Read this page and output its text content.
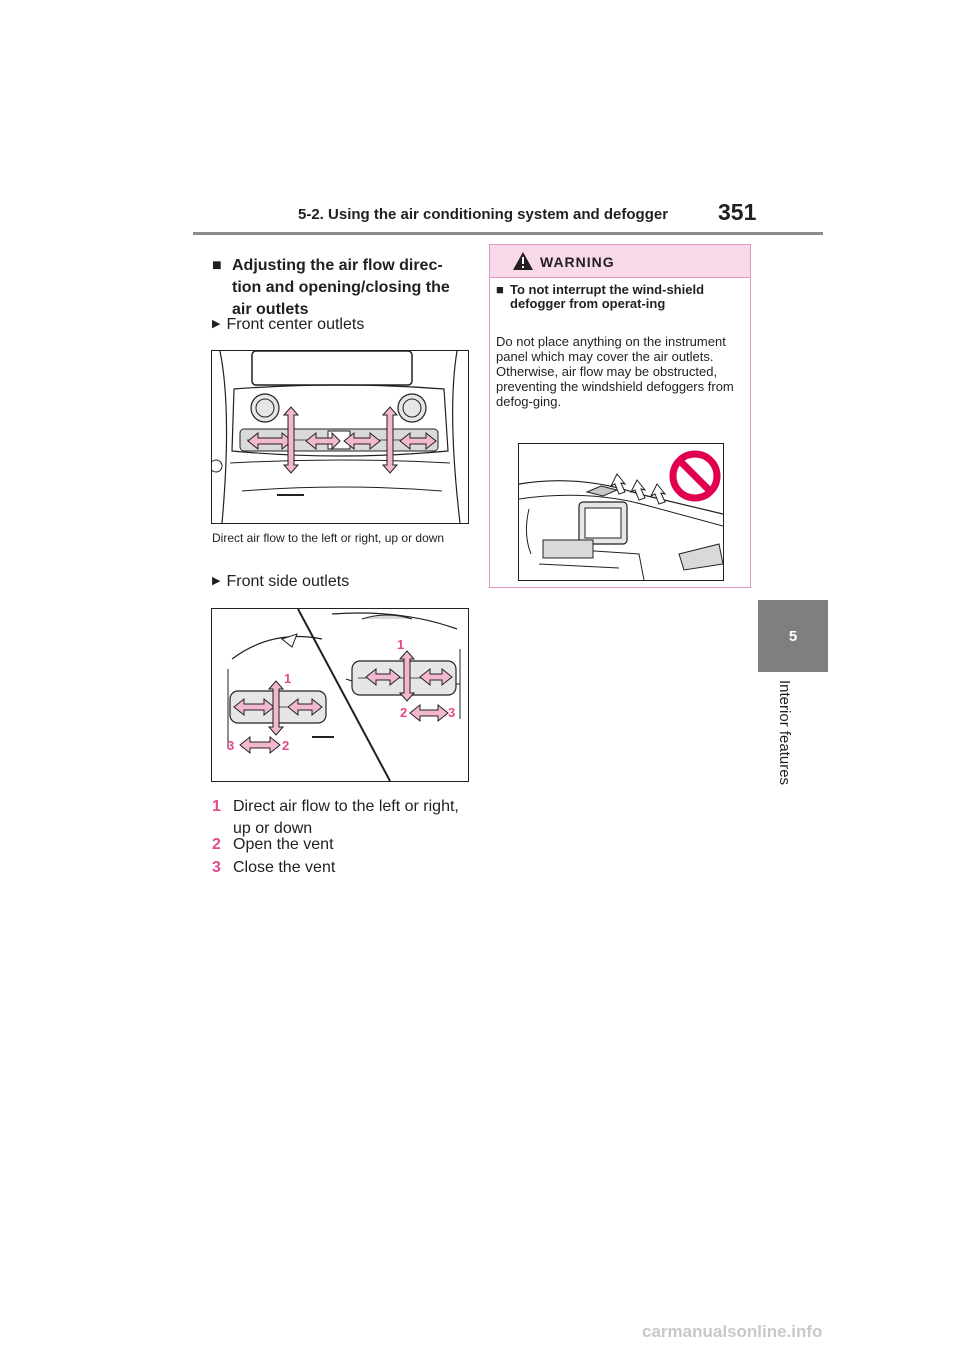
5-2. Using the air conditioning system and defogger 351
5
Interior features
■ Adjusting the air flow direc-tion and opening/closing the air outlets
▶ Front center outlets
Direct air flow to the left or right, up or down
▶ Front side outlets
1
1
2	3
3	2
1 Direct air flow to the left or right, up or down
2 Open the vent
3 Close the vent
WARNING
■ To not interrupt the wind-shield defogger from operat-ing
Do not place anything on the instrument panel which may cover the air outlets. Otherwise, air flow may be obstructed, preventing the windshield defoggers from defog-ging.
carmanualsonline.info
